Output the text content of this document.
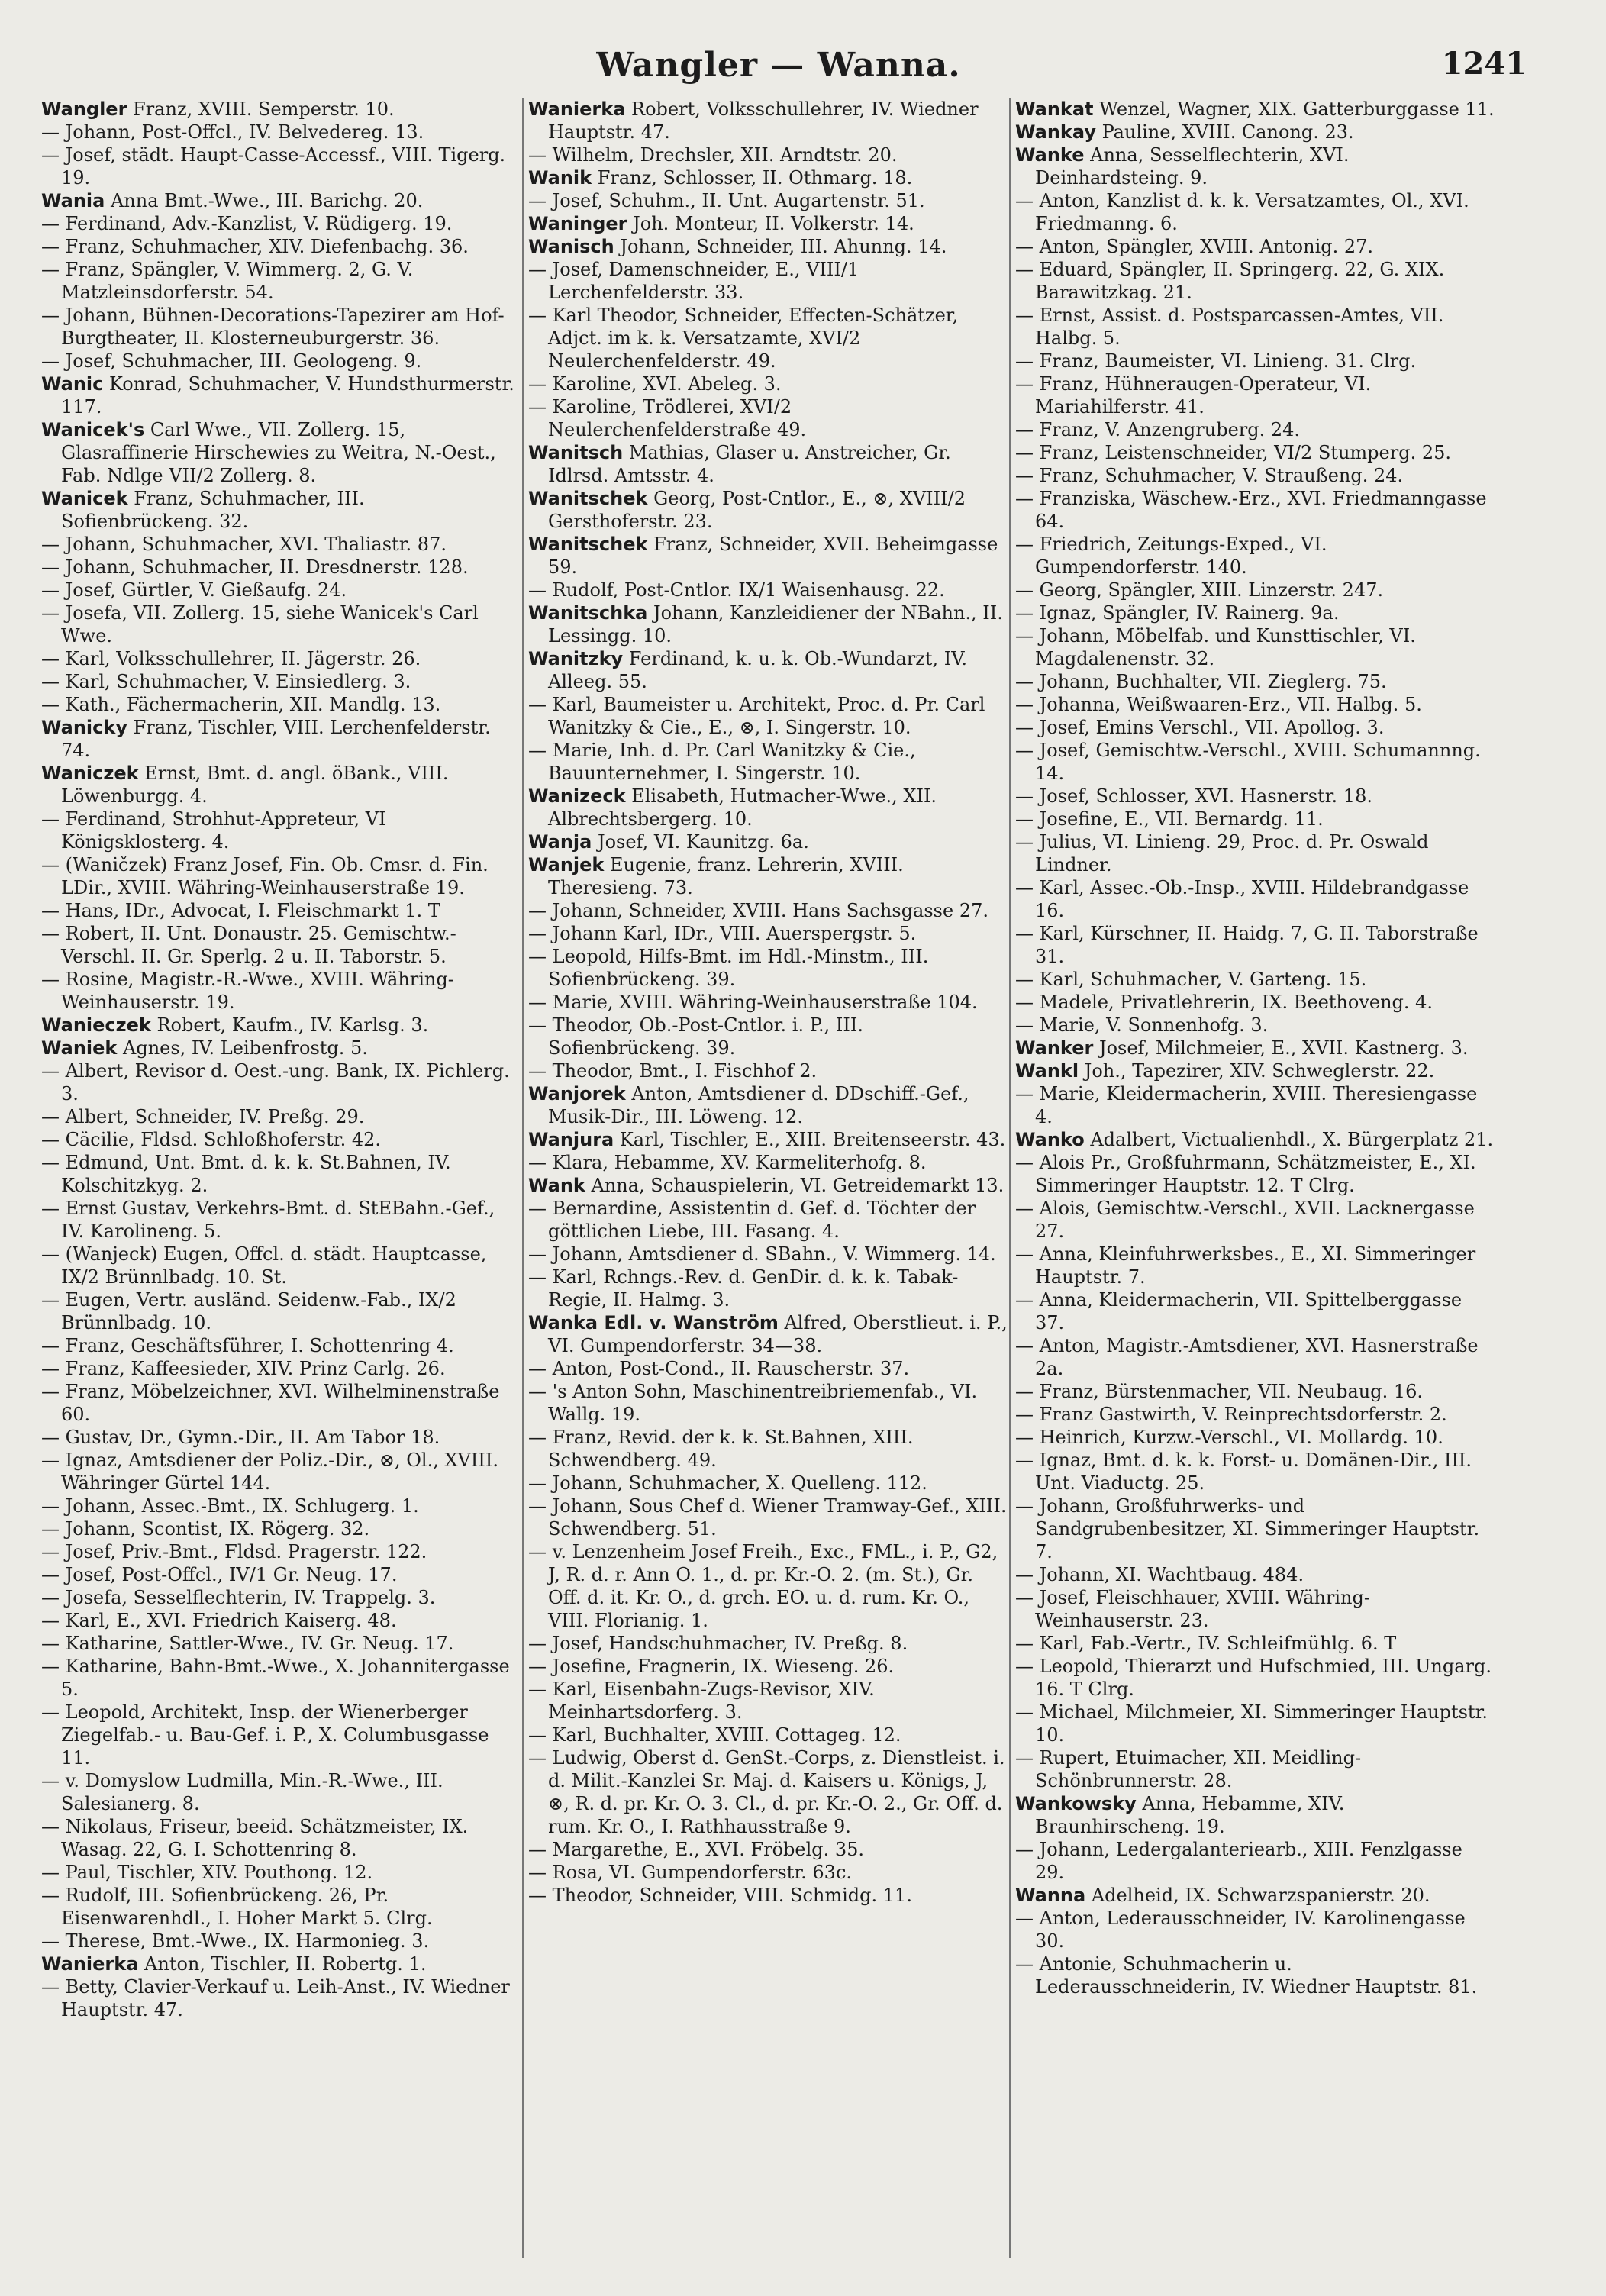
Wangler — Wanna.	1241
Wangler Franz, XVIII. Semperstr. 10.
— Johann, Post-Offcl., IV. Belvedereg. 13.
— Josef, städt. Haupt-Casse-Accessf., VIII. Tigerg. 19.
Wania Anna Bmt.-Wwe., III. Barichg. 20.
— Ferdinand, Adv.-Kanzlist, V. Rüdigerg. 19.
— Franz, Schuhmacher, XIV. Diefenbachg. 36.
— Franz, Spängler, V. Wimmerg. 2, G. V. Matzleinsdorferstr. 54.
— Johann, Bühnen-Decorations-Tapezirer am Hof-Burgtheater, II. Klosterneuburgerstr. 36.
— Josef, Schuhmacher, III. Geologeng. 9.
Wanic Konrad, Schuhmacher, V. Hundsthurmerstr. 117.
Wanicek's Carl Wwe., VII. Zollerg. 15, Glasraffinerie Hirschewies zu Weitra, N.-Oest., Fab. Ndlge VII/2 Zollerg. 8.
Wanicek Franz, Schuhmacher, III. Sofienbrückeng. 32.
— Johann, Schuhmacher, XVI. Thaliastr. 87.
— Johann, Schuhmacher, II. Dresdnerstr. 128.
— Josef, Gürtler, V. Gießaufg. 24.
— Josefa, VII. Zollerg. 15, siehe Wanicek's Carl Wwe.
— Karl, Volksschullehrer, II. Jägerstr. 26.
— Karl, Schuhmacher, V. Einsiedlerg. 3.
— Kath., Fächermacherin, XII. Mandlg. 13.
Wanicky Franz, Tischler, VIII. Lerchenfelderstr. 74.
Waniczek Ernst, Bmt. d. angl. öBank., VIII. Löwenburgg. 4.
— Ferdinand, Strohhut-Appreteur, VI Königsklosterg. 4.
— (Waničzek) Franz Josef, Fin. Ob. Cmsr. d. Fin. LDir., XVIII. Währing-Weinhauserstraße 19.
— Hans, IDr., Advocat, I. Fleischmarkt 1. T
— Robert, II. Unt. Donaustr. 25. Gemischtw.-Verschl. II. Gr. Sperlg. 2 u. II. Taborstr. 5.
— Rosine, Magistr.-R.-Wwe., XVIII. Währing-Weinhauserstr. 19.
Wanieczek Robert, Kaufm., IV. Karlsg. 3.
Waniek Agnes, IV. Leibenfrostg. 5.
— Albert, Revisor d. Oest.-ung. Bank, IX. Pichlerg. 3.
— Albert, Schneider, IV. Preßg. 29.
— Cäcilie, Fldsd. Schloßhoferstr. 42.
— Edmund, Unt. Bmt. d. k. k. St.Bahnen, IV. Kolschitzkyg. 2.
— Ernst Gustav, Verkehrs-Bmt. d. StEBahn.-Gef., IV. Karolineng. 5.
— (Wanjeck) Eugen, Offcl. d. städt. Hauptcasse, IX/2 Brünnlbadg. 10. St.
— Eugen, Vertr. ausländ. Seidenw.-Fab., IX/2 Brünnlbadg. 10.
— Franz, Geschäftsführer, I. Schottenring 4.
— Franz, Kaffeesieder, XIV. Prinz Carlg. 26.
— Franz, Möbelzeichner, XVI. Wilhelminenstraße 60.
— Gustav, Dr., Gymn.-Dir., II. Am Tabor 18.
— Ignaz, Amtsdiener der Poliz.-Dir., ⊗, Ol., XVIII. Währinger Gürtel 144.
— Johann, Assec.-Bmt., IX. Schlugerg. 1.
— Johann, Scontist, IX. Rögerg. 32.
— Josef, Priv.-Bmt., Fldsd. Pragerstr. 122.
— Josef, Post-Offcl., IV/1 Gr. Neug. 17.
— Josefa, Sesselflechterin, IV. Trappelg. 3.
— Karl, E., XVI. Friedrich Kaiserg. 48.
— Katharine, Sattler-Wwe., IV. Gr. Neug. 17.
— Katharine, Bahn-Bmt.-Wwe., X. Johannitergasse 5.
— Leopold, Architekt, Insp. der Wienerberger Ziegelfab.- u. Bau-Gef. i. P., X. Columbusgasse 11.
— v. Domyslow Ludmilla, Min.-R.-Wwe., III. Salesianerg. 8.
— Nikolaus, Friseur, beeid. Schätzmeister, IX. Wasag. 22, G. I. Schottenring 8.
— Paul, Tischler, XIV. Pouthong. 12.
— Rudolf, III. Sofienbrückeng. 26, Pr. Eisenwarenhdl., I. Hoher Markt 5. Clrg.
— Therese, Bmt.-Wwe., IX. Harmonieg. 3.
Wanierka Anton, Tischler, II. Robertg. 1.
— Betty, Clavier-Verkauf u. Leih-Anst., IV. Wiedner Hauptstr. 47.
Wanierka Robert, Volksschullehrer, IV. Wiedner Hauptstr. 47.
— Wilhelm, Drechsler, XII. Arndtstr. 20.
Wanik Franz, Schlosser, II. Othmarg. 18.
— Josef, Schuhm., II. Unt. Augartenstr. 51.
Waninger Joh. Monteur, II. Volkerstr. 14.
Wanisch Johann, Schneider, III. Ahunng. 14.
— Josef, Damenschneider, E., VIII/1 Lerchenfelderstr. 33.
— Karl Theodor, Schneider, Effecten-Schätzer, Adjct. im k. k. Versatzamte, XVI/2 Neulerchenfelderstr. 49.
— Karoline, XVI. Abeleg. 3.
— Karoline, Trödlerei, XVI/2 Neulerchenfelderstraße 49.
Wanitsch Mathias, Glaser u. Anstreicher, Gr. Idlrsd. Amtsstr. 4.
Wanitschek Georg, Post-Cntlor., E., ⊗, XVIII/2 Gersthoferstr. 23.
Wanitschek Franz, Schneider, XVII. Beheimgasse 59.
— Rudolf, Post-Cntlor. IX/1 Waisenhausg. 22.
Wanitschka Johann, Kanzleidiener der NBahn., II. Lessingg. 10.
Wanitzky Ferdinand, k. u. k. Ob.-Wundarzt, IV. Alleeg. 55.
— Karl, Baumeister u. Architekt, Proc. d. Pr. Carl Wanitzky & Cie., E., ⊗, I. Singerstr. 10.
— Marie, Inh. d. Pr. Carl Wanitzky & Cie., Bauunternehmer, I. Singerstr. 10.
Wanizeck Elisabeth, Hutmacher-Wwe., XII. Albrechtsbergerg. 10.
Wanja Josef, VI. Kaunitzg. 6a.
Wanjek Eugenie, franz. Lehrerin, XVIII. Theresieng. 73.
— Johann, Schneider, XVIII. Hans Sachsgasse 27.
— Johann Karl, IDr., VIII. Auerspergstr. 5.
— Leopold, Hilfs-Bmt. im Hdl.-Minstm., III. Sofienbrückeng. 39.
— Marie, XVIII. Währing-Weinhauserstraße 104.
— Theodor, Ob.-Post-Cntlor. i. P., III. Sofienbrückeng. 39.
— Theodor, Bmt., I. Fischhof 2.
Wanjorek Anton, Amtsdiener d. DDschiff.-Gef., Musik-Dir., III. Löweng. 12.
Wanjura Karl, Tischler, E., XIII. Breitenseerstr. 43.
— Klara, Hebamme, XV. Karmeliterhofg. 8.
Wank Anna, Schauspielerin, VI. Getreidemarkt 13.
— Bernardine, Assistentin d. Gef. d. Töchter der göttlichen Liebe, III. Fasang. 4.
— Johann, Amtsdiener d. SBahn., V. Wimmerg. 14.
— Karl, Rchngs.-Rev. d. GenDir. d. k. k. Tabak-Regie, II. Halmg. 3.
Wanka Edl. v. Wanström Alfred, Oberstlieut. i. P., VI. Gumpendorferstr. 34—38.
— Anton, Post-Cond., II. Rauscherstr. 37.
— 's Anton Sohn, Maschinentreibriemenfab., VI. Wallg. 19.
— Franz, Revid. der k. k. St.Bahnen, XIII. Schwendberg. 49.
— Johann, Schuhmacher, X. Quelleng. 112.
— Johann, Sous Chef d. Wiener Tramway-Gef., XIII. Schwendberg. 51.
— v. Lenzenheim Josef Freih., Exc., FML., i. P., G2, J, R. d. r. Ann O. 1., d. pr. Kr.-O. 2. (m. St.), Gr. Off. d. it. Kr. O., d. grch. EO. u. d. rum. Kr. O., VIII. Florianig. 1.
— Josef, Handschuhmacher, IV. Preßg. 8.
— Josefine, Fragnerin, IX. Wieseng. 26.
— Karl, Eisenbahn-Zugs-Revisor, XIV. Meinhartsdorferg. 3.
— Karl, Buchhalter, XVIII. Cottageg. 12.
— Ludwig, Oberst d. GenSt.-Corps, z. Dienstleist. i. d. Milit.-Kanzlei Sr. Maj. d. Kaisers u. Königs, J, ⊗, R. d. pr. Kr. O. 3. Cl., d. pr. Kr.-O. 2., Gr. Off. d. rum. Kr. O., I. Rathhausstraße 9.
— Margarethe, E., XVI. Fröbelg. 35.
— Rosa, VI. Gumpendorferstr. 63c.
— Theodor, Schneider, VIII. Schmidg. 11.
Wankat Wenzel, Wagner, XIX. Gatterburggasse 11.
Wankay Pauline, XVIII. Canong. 23.
Wanke Anna, Sesselflechterin, XVI. Deinhardsteing. 9.
— Anton, Kanzlist d. k. k. Versatzamtes, Ol., XVI. Friedmanng. 6.
— Anton, Spängler, XVIII. Antonig. 27.
— Eduard, Spängler, II. Springerg. 22, G. XIX. Barawitzkag. 21.
— Ernst, Assist. d. Postsparcassen-Amtes, VII. Halbg. 5.
— Franz, Baumeister, VI. Linieng. 31. Clrg.
— Franz, Hühneraugen-Operateur, VI. Mariahilferstr. 41.
— Franz, V. Anzengruberg. 24.
— Franz, Leistenschneider, VI/2 Stumperg. 25.
— Franz, Schuhmacher, V. Straußeng. 24.
— Franziska, Wäschew.-Erz., XVI. Friedmanngasse 64.
— Friedrich, Zeitungs-Exped., VI. Gumpendorferstr. 140.
— Georg, Spängler, XIII. Linzerstr. 247.
— Ignaz, Spängler, IV. Rainerg. 9a.
— Johann, Möbelfab. und Kunsttischler, VI. Magdalenenstr. 32.
— Johann, Buchhalter, VII. Zieglerg. 75.
— Johanna, Weißwaaren-Erz., VII. Halbg. 5.
— Josef, Emins Verschl., VII. Apollog. 3.
— Josef, Gemischtw.-Verschl., XVIII. Schumannng. 14.
— Josef, Schlosser, XVI. Hasnerstr. 18.
— Josefine, E., VII. Bernardg. 11.
— Julius, VI. Linieng. 29, Proc. d. Pr. Oswald Lindner.
— Karl, Assec.-Ob.-Insp., XVIII. Hildebrandgasse 16.
— Karl, Kürschner, II. Haidg. 7, G. II. Taborstraße 31.
— Karl, Schuhmacher, V. Garteng. 15.
— Madele, Privatlehrerin, IX. Beethoveng. 4.
— Marie, V. Sonnenhofg. 3.
Wanker Josef, Milchmeier, E., XVII. Kastnerg. 3.
Wankl Joh., Tapezirer, XIV. Schweglerstr. 22.
— Marie, Kleidermacherin, XVIII. Theresiengasse 4.
Wanko Adalbert, Victualienhdl., X. Bürgerplatz 21.
— Alois Pr., Großfuhrmann, Schätzmeister, E., XI. Simmeringer Hauptstr. 12. T Clrg.
— Alois, Gemischtw.-Verschl., XVII. Lacknergasse 27.
— Anna, Kleinfuhrwerksbes., E., XI. Simmeringer Hauptstr. 7.
— Anna, Kleidermacherin, VII. Spittelberggasse 37.
— Anton, Magistr.-Amtsdiener, XVI. Hasnerstraße 2a.
— Franz, Bürstenmacher, VII. Neubaug. 16.
— Franz Gastwirth, V. Reinprechtsdorferstr. 2.
— Heinrich, Kurzw.-Verschl., VI. Mollardg. 10.
— Ignaz, Bmt. d. k. k. Forst- u. Domänen-Dir., III. Unt. Viaductg. 25.
— Johann, Großfuhrwerks- und Sandgrubenbesitzer, XI. Simmeringer Hauptstr. 7.
— Johann, XI. Wachtbaug. 484.
— Josef, Fleischhauer, XVIII. Währing-Weinhauserstr. 23.
— Karl, Fab.-Vertr., IV. Schleifmühlg. 6. T
— Leopold, Thierarzt und Hufschmied, III. Ungarg. 16. T Clrg.
— Michael, Milchmeier, XI. Simmeringer Hauptstr. 10.
— Rupert, Etuimacher, XII. Meidling-Schönbrunnerstr. 28.
Wankowsky Anna, Hebamme, XIV. Braunhirscheng. 19.
— Johann, Ledergalanteriearb., XIII. Fenzlgasse 29.
Wanna Adelheid, IX. Schwarzspanierstr. 20.
— Anton, Lederausschneider, IV. Karolinengasse 30.
— Antonie, Schuhmacherin u. Lederausschneiderin, IV. Wiedner Hauptstr. 81.
